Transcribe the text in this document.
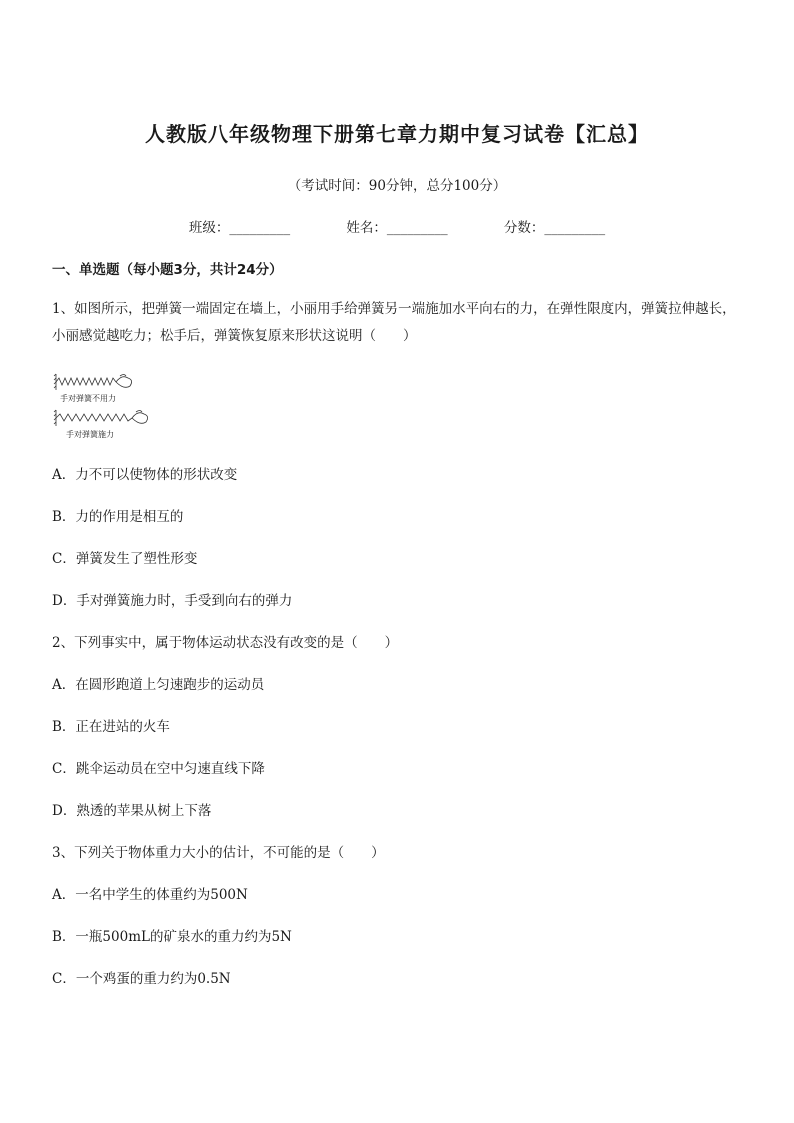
人教版八年级物理下册第七章力期中复习试卷【汇总】
（考试时间：90分钟，总分100分）
班级：_________	姓名：_________	分数：_________
一、单选题（每小题3分，共计24分）
1、如图所示，把弹簧一端固定在墙上，小丽用手给弹簧另一端施加水平向右的力，在弹性限度内，弹簧拉伸越长，小丽感觉越吃力；松手后，弹簧恢复原来形状这说明（　　）
手对弹簧不用力
手对弹簧施力
A．力不可以使物体的形状改变
B．力的作用是相互的
C．弹簧发生了塑性形变
D．手对弹簧施力时，手受到向右的弹力
2、下列事实中，属于物体运动状态没有改变的是（　　）
A．在圆形跑道上匀速跑步的运动员
B．正在进站的火车
C．跳伞运动员在空中匀速直线下降
D．熟透的苹果从树上下落
3、下列关于物体重力大小的估计，不可能的是（　　）
A．一名中学生的体重约为500N
B．一瓶500mL的矿泉水的重力约为5N
C．一个鸡蛋的重力约为0.5N
